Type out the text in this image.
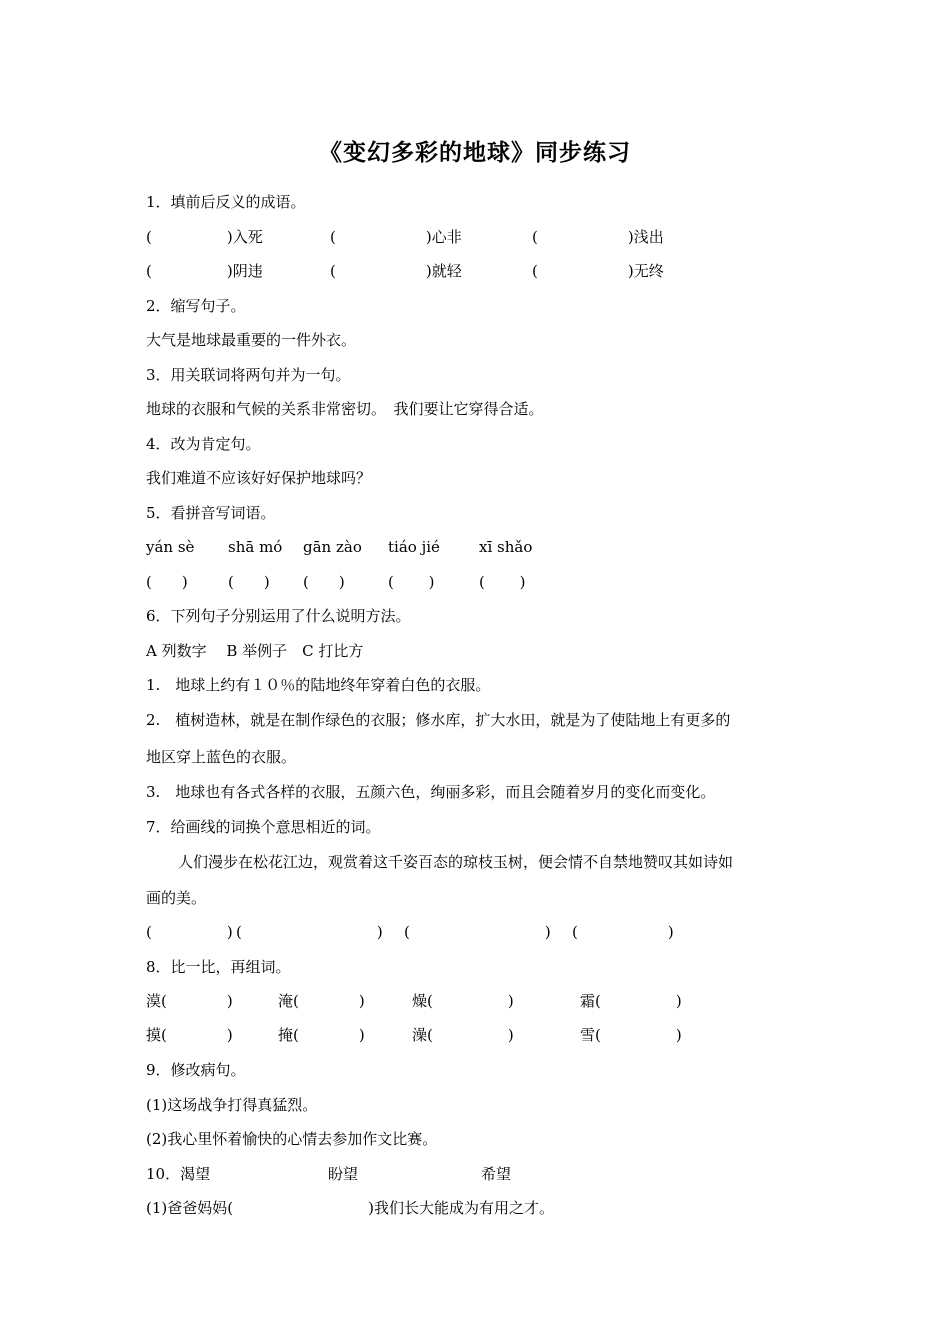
《变幻多彩的地球》同步练习
1．填前后反义的成语。
(　　　　　)入死	(　　　　　　)心非	(　　　　　　)浅出
(　　　　　)阴违	(　　　　　　)就轻	(　　　　　　)无终
2．缩写句子。
大气是地球最重要的一件外衣。
3．用关联词将两句并为一句。
地球的衣服和气候的关系非常密切。　我们要让它穿得合适。
4．改为肯定句。
我们难道不应该好好保护地球吗？
5．看拼音写词语。
yán sè shā mó gān zào tiáo jié	xī shǎo
(　　)	(　　) (　　)	(　　 )	(　　 )
6．下列句子分别运用了什么说明方法。
A 列数字　 B 举例子　C 打比方
1.　地球上约有１０％的陆地终年穿着白色的衣服。
2.　植树造林，就是在制作绿色的衣服；修水库，扩大水田，就是为了使陆地上有更多的
地区穿上蓝色的衣服。
3.　地球也有各式各样的衣服，五颜六色，绚丽多彩，而且会随着岁月的变化而变化。
7．给画线的词换个意思相近的词。
人们漫步在松花江边，观赏着这千姿百态的琼枝玉树，便会情不自禁地赞叹其如诗如
画的美。
(　　　　　) (　　　　　　　　　) (　　　　　　　　　) (　　　　　　)
8．比一比，再组词。
漠(　　　　)	淹(　　　　)	燥(　　　　　)	霜(　　　　　)
摸(　　　　)	掩(　　　　)	澡(　　　　　)	雪(　　　　　)
9．修改病句。
(1)这场战争打得真猛烈。
(2)我心里怀着愉快的心情去参加作文比赛。
10．渴望	盼望	希望
(1)爸爸妈妈(　　　　　　　　　)我们长大能成为有用之才。
